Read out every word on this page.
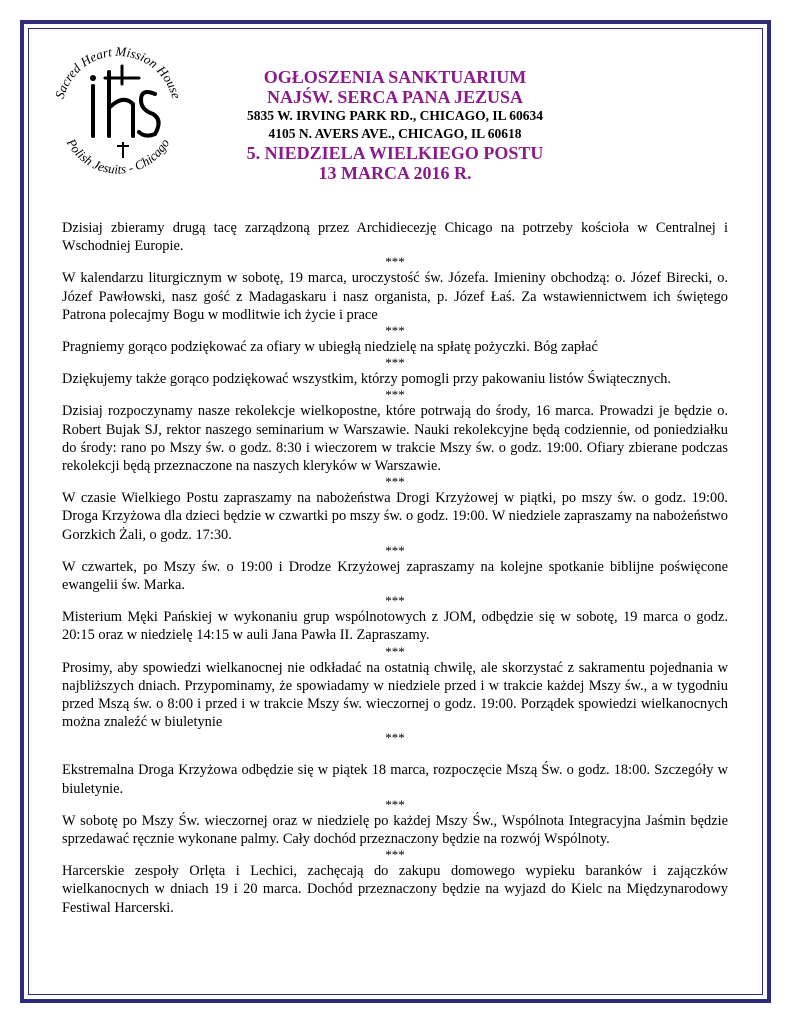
Sacred Heart Mission House
Polish Jesuits - Chicago
OGŁOSZENIA SANKTUARIUM
NAJŚW. SERCA PANA JEZUSA
5835 W. IRVING PARK RD., CHICAGO, IL 60634
4105 N. AVERS AVE., CHICAGO, IL 60618
5. NIEDZIELA WIELKIEGO POSTU
13 MARCA 2016 R.

Dzisiaj zbieramy drugą tacę zarządzoną przez Archidiecezję Chicago na potrzeby kościoła w Centralnej i Wschodniej Europie.

***

W kalendarzu liturgicznym w sobotę, 19 marca, uroczystość św. Józefa. Imieniny obchodzą: o. Józef Birecki, o. Józef Pawłowski, nasz gość z Madagaskaru i nasz organista, p. Józef Łaś. Za wstawiennictwem ich świętego Patrona polecajmy Bogu w modlitwie ich życie i prace

***

Pragniemy gorąco podziękować za ofiary w ubiegłą niedzielę na spłatę pożyczki. Bóg zapłać

***

Dziękujemy także gorąco podziękować wszystkim, którzy pomogli przy pakowaniu listów Świątecznych.

***

Dzisiaj rozpoczynamy nasze rekolekcje wielkopostne, które potrwają do środy, 16 marca. Prowadzi je będzie o. Robert Bujak SJ, rektor naszego seminarium w Warszawie. Nauki rekolekcyjne będą codziennie, od poniedziałku do środy: rano po Mszy św. o godz. 8:30 i wieczorem w trakcie Mszy św. o godz. 19:00. Ofiary zbierane podczas rekolekcji będą przeznaczone na naszych kleryków w Warszawie.

***

W czasie Wielkiego Postu zapraszamy na nabożeństwa Drogi Krzyżowej w piątki, po mszy św. o godz. 19:00. Droga Krzyżowa dla dzieci będzie w czwartki po mszy św. o godz. 19:00. W niedziele zapraszamy na nabożeństwo Gorzkich Żali, o godz. 17:30.

***

W czwartek, po Mszy św. o 19:00 i Drodze Krzyżowej zapraszamy na kolejne spotkanie biblijne poświęcone ewangelii św. Marka.

***

Misterium Męki Pańskiej w wykonaniu grup wspólnotowych z JOM, odbędzie się w sobotę, 19 marca o godz. 20:15 oraz w niedzielę 14:15 w auli Jana Pawła II. Zapraszamy.

***

Prosimy, aby spowiedzi wielkanocnej nie odkładać na ostatnią chwilę, ale skorzystać z sakramentu pojednania w najbliższych dniach. Przypominamy, że spowiadamy w niedziele przed i w trakcie każdej Mszy św., a w tygodniu przed Mszą św. o 8:00 i przed i w trakcie Mszy św. wieczornej o godz. 19:00. Porządek spowiedzi wielkanocnych można znaleźć w biuletynie

***

Ekstremalna Droga Krzyżowa odbędzie się w piątek 18 marca, rozpoczęcie Mszą Św. o godz. 18:00. Szczegóły w biuletynie.

***

W sobotę po Mszy Św. wieczornej oraz w niedzielę po każdej Mszy Św., Wspólnota Integracyjna Jaśmin będzie sprzedawać ręcznie wykonane palmy. Cały dochód przeznaczony będzie na rozwój Wspólnoty.

***

Harcerskie zespoły Orlęta i Lechici, zachęcają do zakupu domowego wypieku baranków i zajączków wielkanocnych w dniach 19 i 20 marca. Dochód przeznaczony będzie na wyjazd do Kielc na Międzynarodowy Festiwal Harcerski.
